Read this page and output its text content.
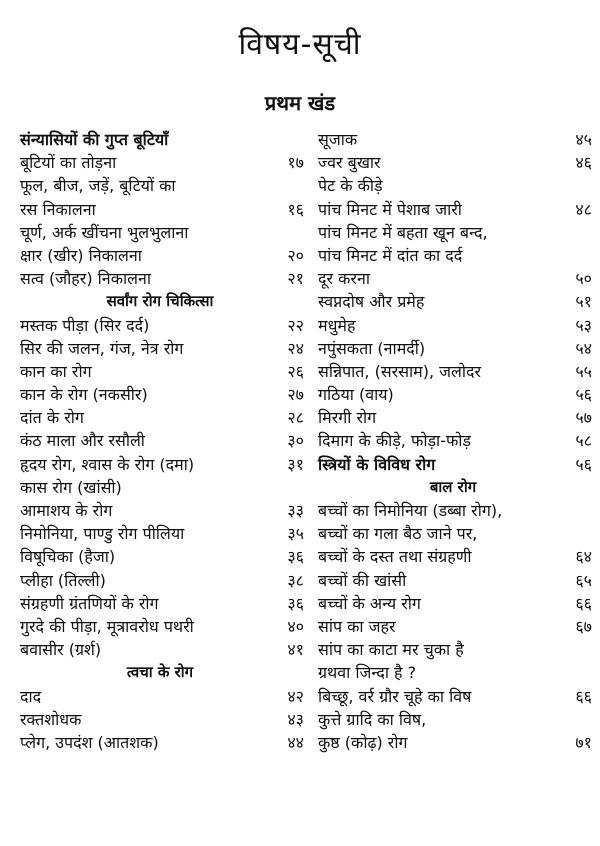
विषय-सूची
प्रथम खंड
संन्यासियों की गुप्त बूटियाँ
बूटियों का तोड़ना	१७
फूल, बीज, जड़ें, बूटियों का
रस निकालना	१६
चूर्ण, अर्क खींचना भुलभुलाना
क्षार (खीर) निकालना	२०
सत्व (जौहर) निकालना	२१
सर्वांग रोग चिकित्सा
मस्तक पीड़ा (सिर दर्द)	२२
सिर की जलन, गंज, नेत्र रोग	२४
कान का रोग	२६
कान के रोग (नकसीर)	२७
दांत के रोग	२८
कंठ माला और रसौली	३०
हृदय रोग, श्वास के रोग (दमा)	३१
कास रोग (खांसी)
आमाशय के रोग	३३
निमोनिया, पाण्डु रोग पीलिया	३५
विषूचिका (हैजा)	३६
प्लीहा (तिल्ली)	३८
संग्रहणी ग्रंतणियों के रोग	३६
गुरदे की पीड़ा, मूत्रावरोध पथरी	४०
बवासीर (ग्रर्श)	४१
त्वचा के रोग
दाद	४२
रक्तशोधक	४३
प्लेग, उपदंश (आतशक)	४४
सूजाक	४५
ज्वर बुखार	४६
पेट के कीड़े
पांच मिनट में पेशाब जारी	४८
पांच मिनट में बहता खून बन्द,
पांच मिनट में दांत का दर्द
दूर करना	५०
स्वप्नदोष और प्रमेह	५१
मधुमेह	५३
नपुंसकता (नामर्दी)	५४
सन्निपात, (सरसाम), जलोदर	५५
गठिया (वाय)	५६
मिरगी रोग	५७
दिमाग के कीड़े, फोड़ा-फोड़	५८
स्त्रियों के विविध रोग	५६
बाल रोग
बच्चों का निमोनिया (डब्बा रोग),
बच्चों का गला बैठ जाने पर,
बच्चों के दस्त तथा संग्रहणी	६४
बच्चों की खांसी	६५
बच्चों के अन्य रोग	६६
सांप का जहर	६७
सांप का काटा मर चुका है
ग्रथवा जिन्दा है ?
बिच्छू, वर्र ग्रौर चूहे का विष	६६
कुत्ते ग्रादि का विष,
कुष्ठ (कोढ़) रोग	७१
